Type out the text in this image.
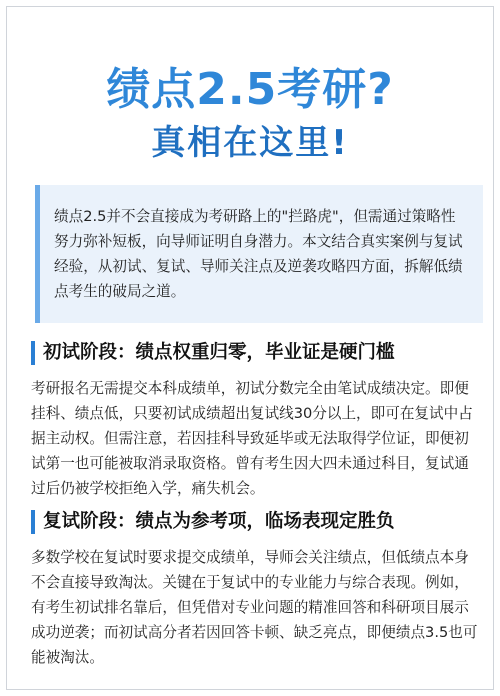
绩点2.5考研?
真相在这里!
绩点2.5并不会直接成为考研路上的"拦路虎"，但需通过策略性努力弥补短板，向导师证明自身潜力。本文结合真实案例与复试经验，从初试、复试、导师关注点及逆袭攻略四方面，拆解低绩点考生的破局之道。
初试阶段：绩点权重归零，毕业证是硬门槛
考研报名无需提交本科成绩单，初试分数完全由笔试成绩决定。即便挂科、绩点低，只要初试成绩超出复试线30分以上，即可在复试中占据主动权。但需注意，若因挂科导致延毕或无法取得学位证，即便初试第一也可能被取消录取资格。曾有考生因大四未通过科目，复试通过后仍被学校拒绝入学，痛失机会。
复试阶段：绩点为参考项，临场表现定胜负
多数学校在复试时要求提交成绩单，导师会关注绩点，但低绩点本身不会直接导致淘汰。关键在于复试中的专业能力与综合表现。例如，有考生初试排名靠后，但凭借对专业问题的精准回答和科研项目展示成功逆袭；而初试高分者若因回答卡顿、缺乏亮点，即便绩点3.5也可能被淘汰。
